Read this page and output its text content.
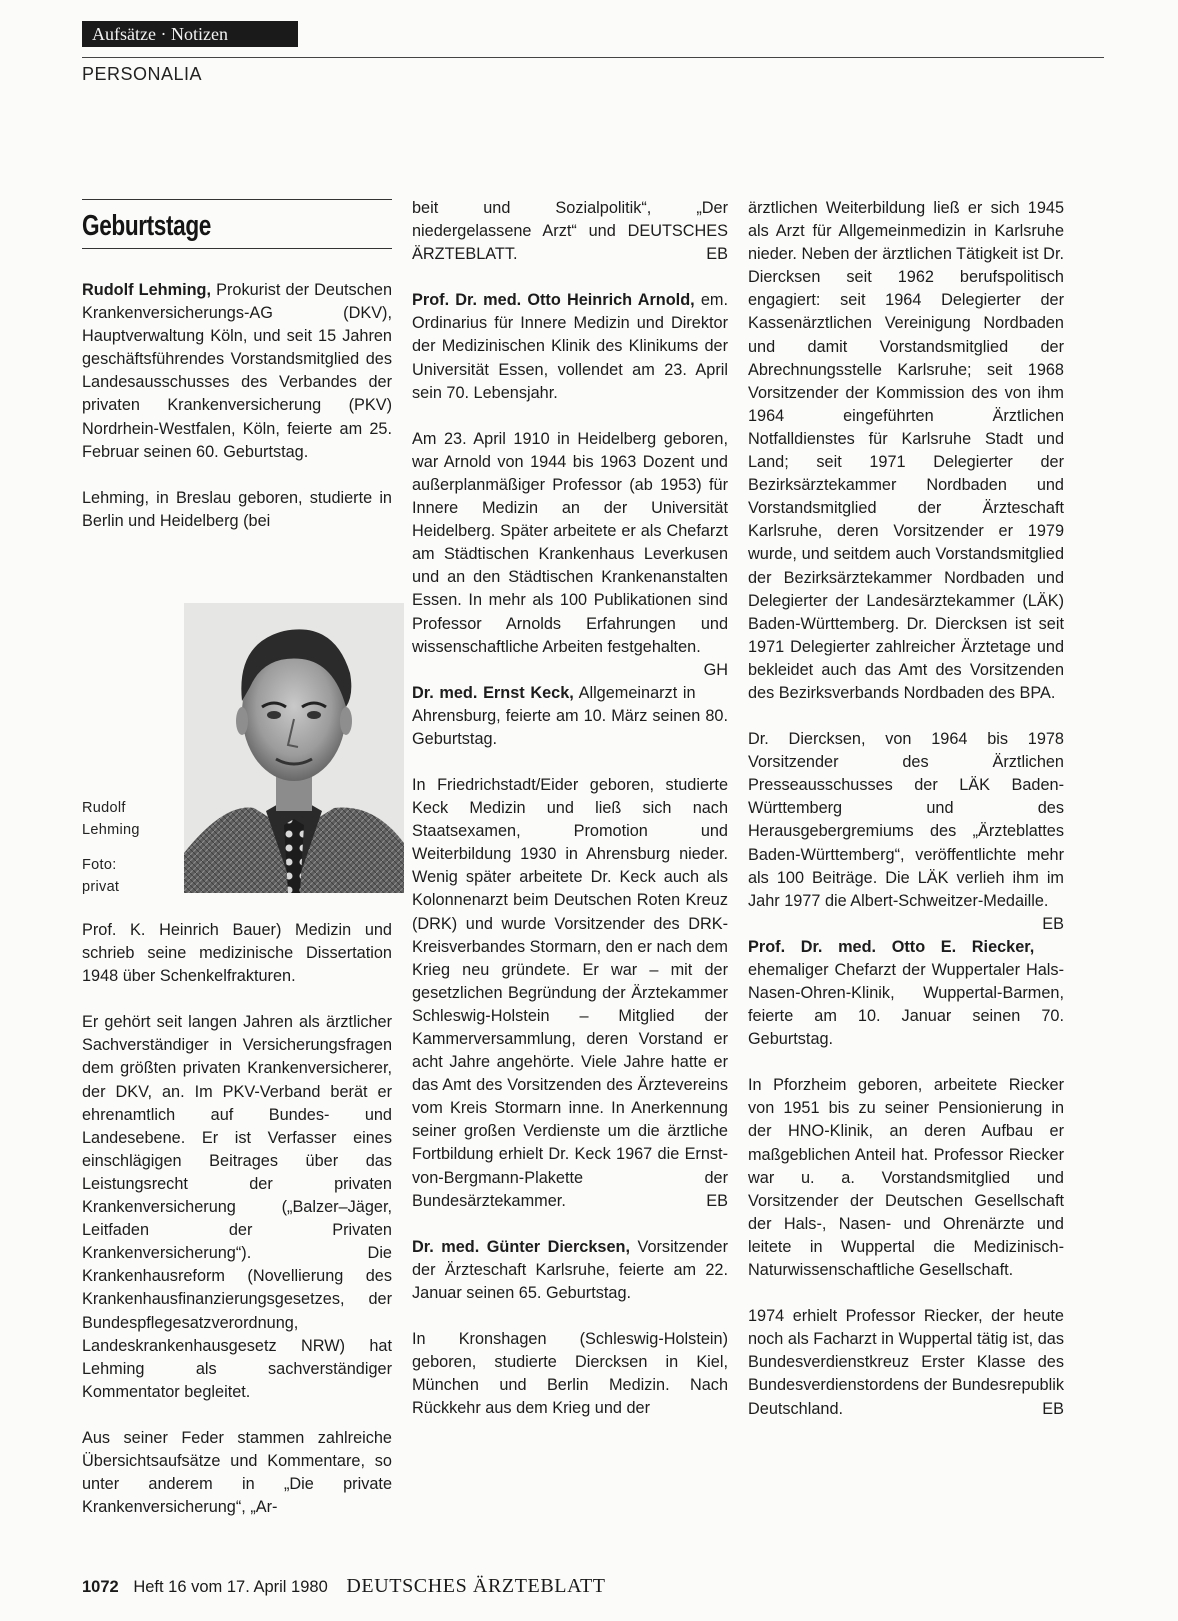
Aufsätze · Notizen
PERSONALIA
Geburtstage

Rudolf Lehming, Prokurist der Deutschen Krankenversicherungs-AG (DKV), Hauptverwaltung Köln, und seit 15 Jahren geschäftsführendes Vorstandsmitglied des Landesausschusses des Verbandes der privaten Krankenversicherung (PKV) Nordrhein-Westfalen, Köln, feierte am 25. Februar seinen 60. Geburtstag.

Lehming, in Breslau geboren, studierte in Berlin und Heidelberg (bei

Rudolf
Lehming
Foto:
privat

Prof. K. Heinrich Bauer) Medizin und schrieb seine medizinische Dissertation 1948 über Schenkelfrakturen.

Er gehört seit langen Jahren als ärztlicher Sachverständiger in Versicherungsfragen dem größten privaten Krankenversicherer, der DKV, an. Im PKV-Verband berät er ehrenamtlich auf Bundes- und Landesebene. Er ist Verfasser eines einschlägigen Beitrages über das Leistungsrecht der privaten Krankenversicherung („Balzer–Jäger, Leitfaden der Privaten Krankenversicherung“). Die Krankenhausreform (Novellierung des Krankenhausfinanzierungsgesetzes, der Bundespflegesatzverordnung, Landeskrankenhausgesetz NRW) hat Lehming als sachverständiger Kommentator begleitet.

Aus seiner Feder stammen zahlreiche Übersichtsaufsätze und Kommentare, so unter anderem in „Die private Krankenversicherung“, „Ar-

beit und Sozialpolitik“, „Der niedergelassene Arzt“ und DEUTSCHES ÄRZTEBLATT.	EB

Prof. Dr. med. Otto Heinrich Arnold, em. Ordinarius für Innere Medizin und Direktor der Medizinischen Klinik des Klinikums der Universität Essen, vollendet am 23. April sein 70. Lebensjahr.

Am 23. April 1910 in Heidelberg geboren, war Arnold von 1944 bis 1963 Dozent und außerplanmäßiger Professor (ab 1953) für Innere Medizin an der Universität Heidelberg. Später arbeitete er als Chefarzt am Städtischen Krankenhaus Leverkusen und an den Städtischen Krankenanstalten Essen. In mehr als 100 Publikationen sind Professor Arnolds Erfahrungen und wissenschaftliche Arbeiten festgehalten.
GH

Dr. med. Ernst Keck, Allgemeinarzt in Ahrensburg, feierte am 10. März seinen 80. Geburtstag.

In Friedrichstadt/Eider geboren, studierte Keck Medizin und ließ sich nach Staatsexamen, Promotion und Weiterbildung 1930 in Ahrensburg nieder. Wenig später arbeitete Dr. Keck auch als Kolonnenarzt beim Deutschen Roten Kreuz (DRK) und wurde Vorsitzender des DRK-Kreisverbandes Stormarn, den er nach dem Krieg neu gründete. Er war – mit der gesetzlichen Begründung der Ärztekammer Schleswig-Holstein – Mitglied der Kammerversammlung, deren Vorstand er acht Jahre angehörte. Viele Jahre hatte er das Amt des Vorsitzenden des Ärztevereins vom Kreis Stormarn inne. In Anerkennung seiner großen Verdienste um die ärztliche Fortbildung erhielt Dr. Keck 1967 die Ernst-von-Bergmann-Plakette der Bundesärztekammer.	EB

Dr. med. Günter Diercksen, Vorsitzender der Ärzteschaft Karlsruhe, feierte am 22. Januar seinen 65. Geburtstag.

In Kronshagen (Schleswig-Holstein) geboren, studierte Diercksen in Kiel, München und Berlin Medizin. Nach Rückkehr aus dem Krieg und der

ärztlichen Weiterbildung ließ er sich 1945 als Arzt für Allgemeinmedizin in Karlsruhe nieder. Neben der ärztlichen Tätigkeit ist Dr. Diercksen seit 1962 berufspolitisch engagiert: seit 1964 Delegierter der Kassenärztlichen Vereinigung Nordbaden und damit Vorstandsmitglied der Abrechnungsstelle Karlsruhe; seit 1968 Vorsitzender der Kommission des von ihm 1964 eingeführten Ärztlichen Notfalldienstes für Karlsruhe Stadt und Land; seit 1971 Delegierter der Bezirksärztekammer Nordbaden und Vorstandsmitglied der Ärzteschaft Karlsruhe, deren Vorsitzender er 1979 wurde, und seitdem auch Vorstandsmitglied der Bezirksärztekammer Nordbaden und Delegierter der Landesärztekammer (LÄK) Baden-Württemberg. Dr. Diercksen ist seit 1971 Delegierter zahlreicher Ärztetage und bekleidet auch das Amt des Vorsitzenden des Bezirksverbands Nordbaden des BPA.

Dr. Diercksen, von 1964 bis 1978 Vorsitzender des Ärztlichen Presseausschusses der LÄK Baden-Württemberg und des Herausgebergremiums des „Ärzteblattes Baden-Württemberg“, veröffentlichte mehr als 100 Beiträge. Die LÄK verlieh ihm im Jahr 1977 die Albert-Schweitzer-Medaille.
EB

Prof. Dr. med. Otto E. Riecker, ehemaliger Chefarzt der Wuppertaler Hals-Nasen-Ohren-Klinik, Wuppertal-Barmen, feierte am 10. Januar seinen 70. Geburtstag.

In Pforzheim geboren, arbeitete Riecker von 1951 bis zu seiner Pensionierung in der HNO-Klinik, an deren Aufbau er maßgeblichen Anteil hat. Professor Riecker war u. a. Vorstandsmitglied und Vorsitzender der Deutschen Gesellschaft der Hals-, Nasen- und Ohrenärzte und leitete in Wuppertal die Medizinisch-Naturwissenschaftliche Gesellschaft.

1974 erhielt Professor Riecker, der heute noch als Facharzt in Wuppertal tätig ist, das Bundesverdienstkreuz Erster Klasse des Bundesverdienstordens der Bundesrepublik Deutschland.	EB

1072 Heft 16 vom 17. April 1980 DEUTSCHES ÄRZTEBLATT
